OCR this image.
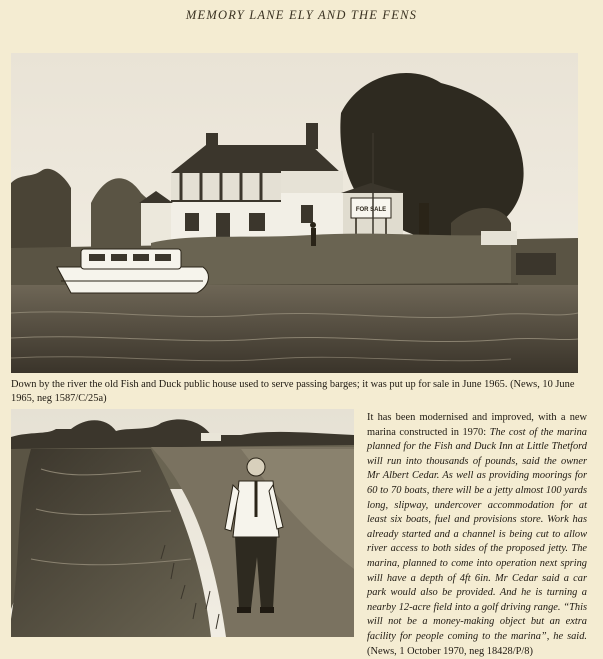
MEMORY LANE ELY AND THE FENS
FOR SALE
Down by the river the old Fish and Duck public house used to serve passing barges; it was put up for sale in June 1965. (News, 10 June 1965, neg 1587/C/25a)
It has been modernised and improved, with a new marina constructed in 1970: The cost of the marina planned for the Fish and Duck Inn at Little Thetford will run into thousands of pounds, said the owner Mr Albert Cedar. As well as providing moorings for 60 to 70 boats, there will be a jetty almost 100 yards long, slipway, undercover accommodation for at least six boats, fuel and provisions store. Work has already started and a channel is being cut to allow river access to both sides of the proposed jetty. The marina, planned to come into operation next spring will have a depth of 4ft 6in. Mr Cedar said a car park would also be provided. And he is turning a nearby 12-acre field into a golf driving range. “This will not be a money-making object but an extra facility for people coming to the marina”, he said. (News, 1 October 1970, neg 18428/P/8)
